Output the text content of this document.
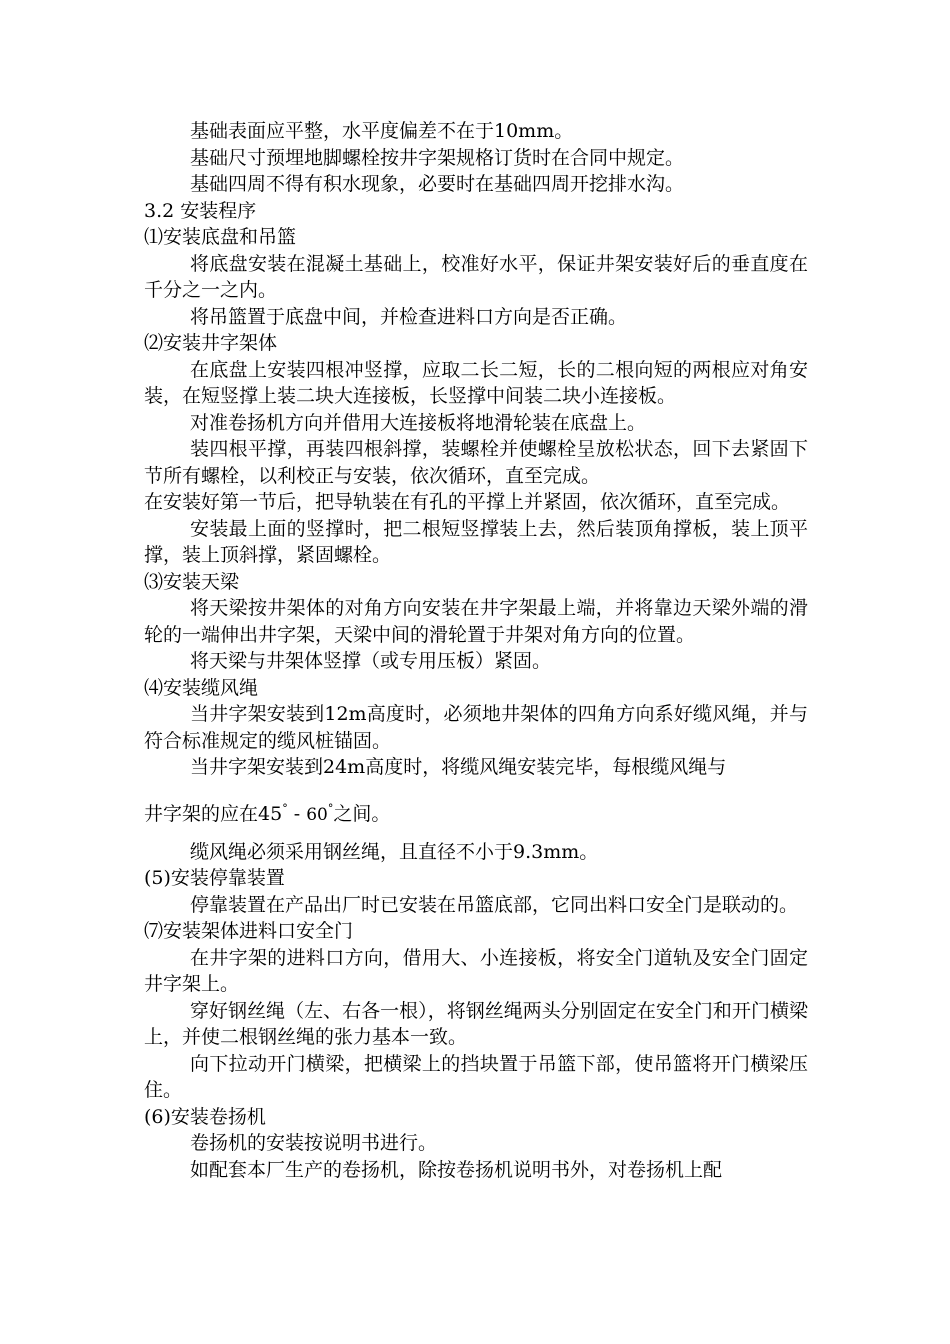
基础表面应平整，水平度偏差不在于10mm。

基础尺寸预埋地脚螺栓按井字架规格订货时在合同中规定。

基础四周不得有积水现象，必要时在基础四周开挖排水沟。

3.2 安装程序

⑴安装底盘和吊篮

将底盘安装在混凝土基础上，校准好水平，保证井架安装好后的垂直度在千分之一之内。

将吊篮置于底盘中间，并检查进料口方向是否正确。

⑵安装井字架体

在底盘上安装四根冲竖撑，应取二长二短，长的二根向短的两根应对角安装，在短竖撑上装二块大连接板，长竖撑中间装二块小连接板。

对准卷扬机方向并借用大连接板将地滑轮装在底盘上。

装四根平撑，再装四根斜撑，装螺栓并使螺栓呈放松状态，回下去紧固下节所有螺栓，以利校正与安装，依次循环，直至完成。

在安装好第一节后，把导轨装在有孔的平撑上并紧固，依次循环，直至完成。

安装最上面的竖撑时，把二根短竖撑装上去，然后装顶角撑板，装上顶平撑，装上顶斜撑，紧固螺栓。

⑶安装天梁

将天梁按井架体的对角方向安装在井字架最上端，并将靠边天梁外端的滑轮的一端伸出井字架，天梁中间的滑轮置于井架对角方向的位置。

将天梁与井架体竖撑（或专用压板）紧固。

⑷安装缆风绳

当井字架安装到12m高度时，必须地井架体的四角方向系好缆风绳，并与符合标准规定的缆风桩锚固。

当井字架安装到24m高度时，将缆风绳安装完毕，每根缆风绳与

井字架的应在45° - 60°之间。

缆风绳必须采用钢丝绳，且直径不小于9.3mm。

(5)安装停靠装置

停靠装置在产品出厂时已安装在吊篮底部，它同出料口安全门是联动的。

⑺安装架体进料口安全门

在井字架的进料口方向，借用大、小连接板，将安全门道轨及安全门固定井字架上。

穿好钢丝绳（左、右各一根），将钢丝绳两头分别固定在安全门和开门横梁上，并使二根钢丝绳的张力基本一致。

向下拉动开门横梁，把横梁上的挡块置于吊篮下部，使吊篮将开门横梁压住。

(6)安装卷扬机

卷扬机的安装按说明书进行。

如配套本厂生产的卷扬机，除按卷扬机说明书外，对卷扬机上配
